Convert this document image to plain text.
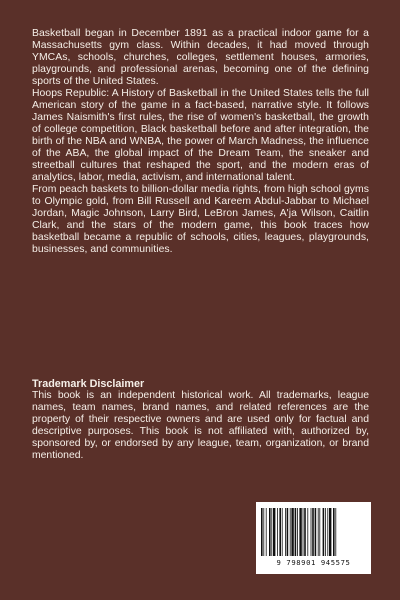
Basketball began in December 1891 as a practical indoor game for a Massachusetts gym class. Within decades, it had moved through YMCAs, schools, churches, colleges, settlement houses, armories, playgrounds, and professional arenas, becoming one of the defining sports of the United States.

Hoops Republic: A History of Basketball in the United States tells the full American story of the game in a fact-based, narrative style. It follows James Naismith's first rules, the rise of women's basketball, the growth of college competition, Black basketball before and after integration, the birth of the NBA and WNBA, the power of March Madness, the influence of the ABA, the global impact of the Dream Team, the sneaker and streetball cultures that reshaped the sport, and the modern eras of analytics, labor, media, activism, and international talent.

From peach baskets to billion-dollar media rights, from high school gyms to Olympic gold, from Bill Russell and Kareem Abdul-Jabbar to Michael Jordan, Magic Johnson, Larry Bird, LeBron James, A'ja Wilson, Caitlin Clark, and the stars of the modern game, this book traces how basketball became a republic of schools, cities, leagues, playgrounds, businesses, and communities.

Trademark Disclaimer

This book is an independent historical work. All trademarks, league names, team names, brand names, and related references are the property of their respective owners and are used only for factual and descriptive purposes. This book is not affiliated with, authorized by, sponsored by, or endorsed by any league, team, organization, or brand mentioned.

9 798901 945575
